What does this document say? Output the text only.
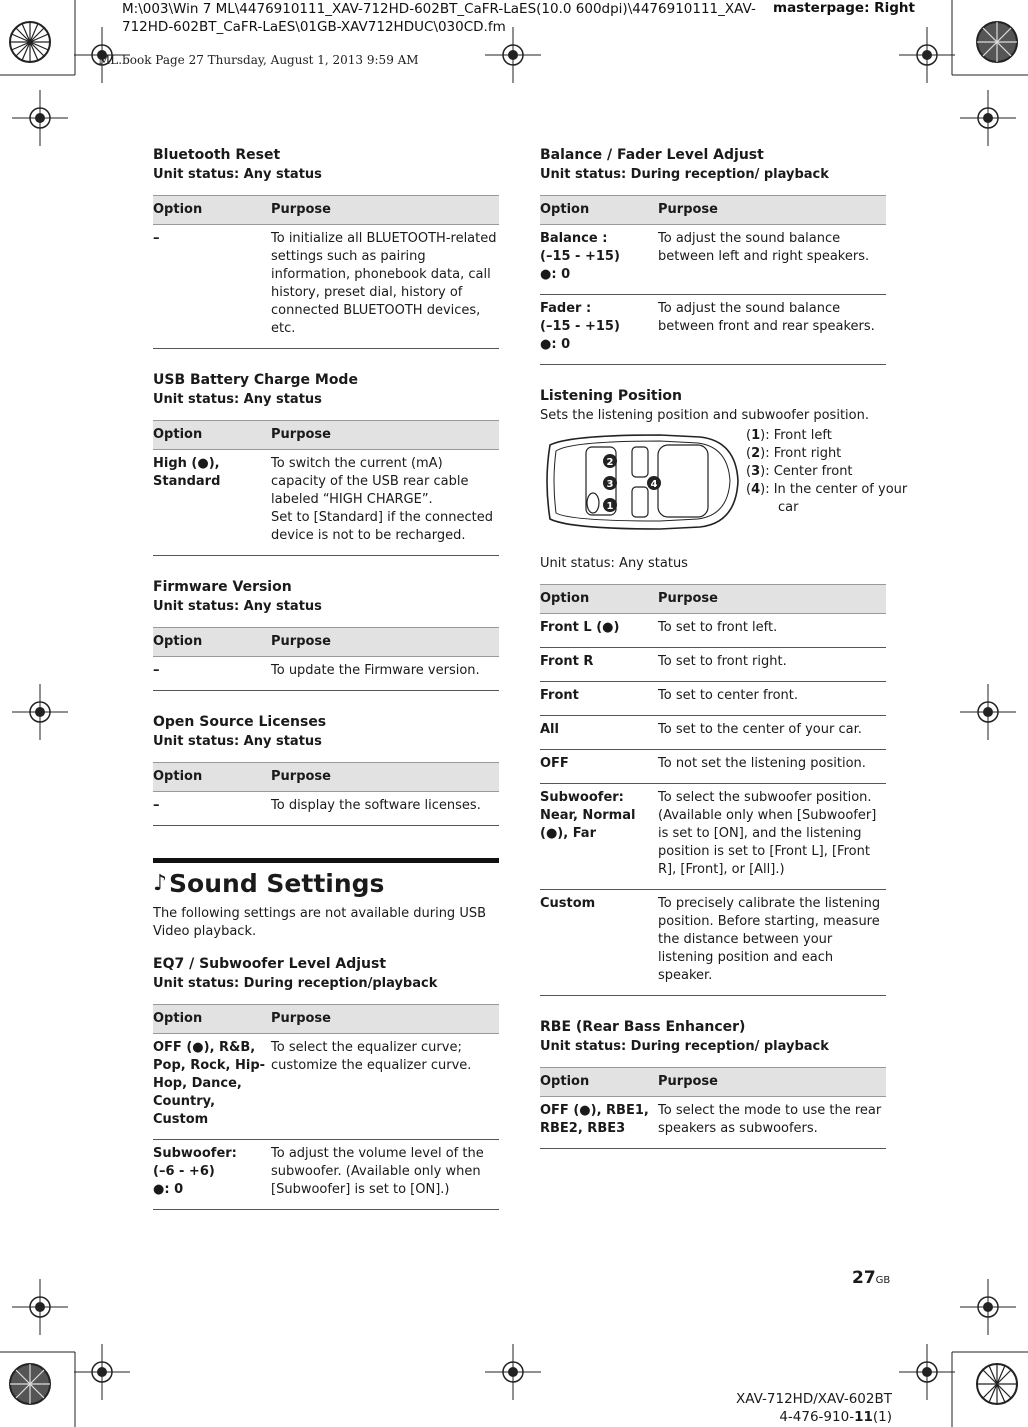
M:\003\Win 7 ML\4476910111_XAV-712HD-602BT_CaFR-LaES(10.0 600dpi)\4476910111_XAV-712HD-602BT_CaFR-LaES\01GB-XAV712HDUC\030CD.fm
masterpage: Right
ML.book Page 27 Thursday, August 1, 2013 9:59 AM

Bluetooth Reset

Unit status: Any status

Option	Purpose
–	To initialize all BLUETOOTH-related settings such as pairing information, phonebook data, call history, preset dial, history of connected BLUETOOTH devices, etc.

USB Battery Charge Mode

Unit status: Any status

Option	Purpose
High (●), Standard	To switch the current (mA) capacity of the USB rear cable labeled “HIGH CHARGE”.
Set to [Standard] if the connected device is not to be recharged.

Firmware Version

Unit status: Any status

Option	Purpose
–	To update the Firmware version.

Open Source Licenses

Unit status: Any status

Option	Purpose
–	To display the software licenses.
♪ Sound Settings

The following settings are not available during USB Video playback.

EQ7 / Subwoofer Level Adjust

Unit status: During reception/playback

Option	Purpose
OFF (●), R&B, Pop, Rock, Hip-Hop, Dance, Country, Custom	To select the equalizer curve; customize the equalizer curve.
Subwoofer:
(–6 - +6)
●: 0	To adjust the volume level of the subwoofer. (Available only when [Subwoofer] is set to [ON].)

Balance / Fader Level Adjust

Unit status: During reception/ playback

Option	Purpose
Balance :
(–15 - +15)
●: 0	To adjust the sound balance between left and right speakers.
Fader :
(–15 - +15)
●: 0	To adjust the sound balance between front and rear speakers.

Listening Position

Sets the listening position and subwoofer position.

2
3
1
4
(1): Front left
(2): Front right
(3): Center front
(4): In the center of your car

Unit status: Any status

Option	Purpose
Front L (●)	To set to front left.
Front R	To set to front right.
Front	To set to center front.
All	To set to the center of your car.
OFF	To not set the listening position.
Subwoofer: Near, Normal (●), Far	To select the subwoofer position. (Available only when [Subwoofer] is set to [ON], and the listening position is set to [Front L], [Front R], [Front], or [All].)
Custom	To precisely calibrate the listening position. Before starting, measure the distance between your listening position and each speaker.

RBE (Rear Bass Enhancer)

Unit status: During reception/ playback

Option	Purpose
OFF (●), RBE1, RBE2, RBE3	To select the mode to use the rear speakers as subwoofers.
27GB
XAV-712HD/XAV-602BT
4-476-910-11(1)
